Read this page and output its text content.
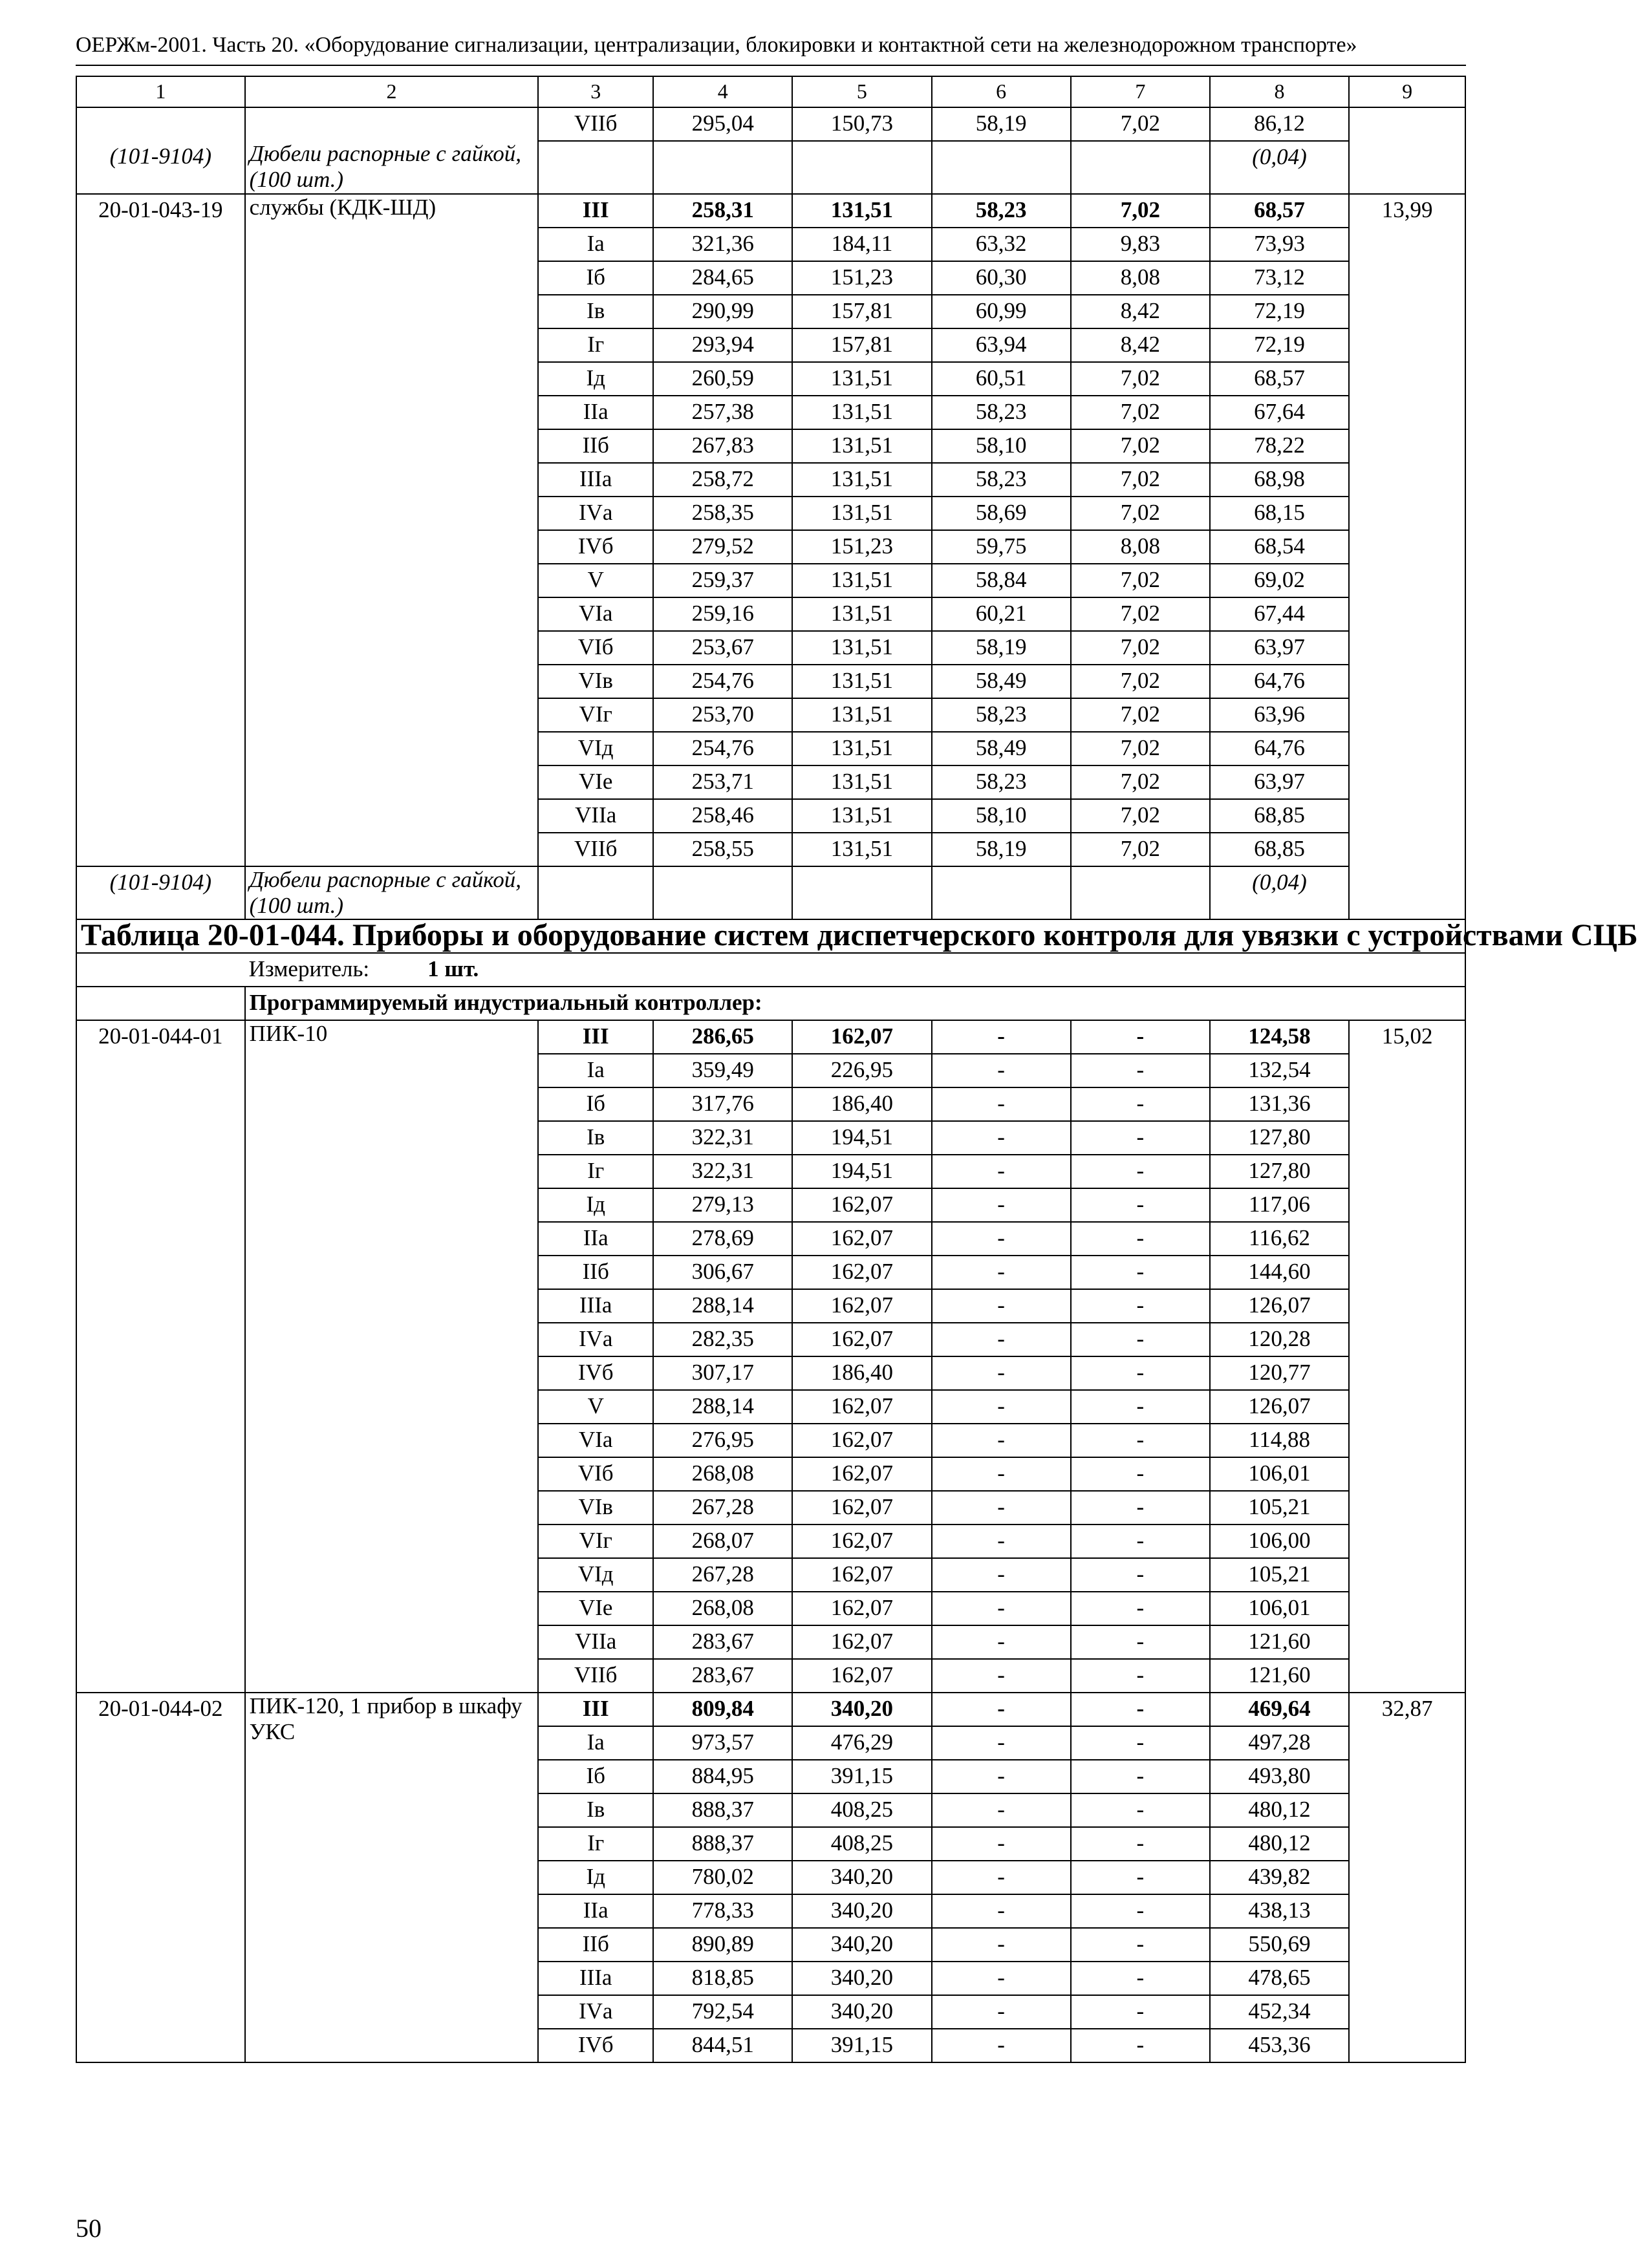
ОЕРЖм-2001. Часть 20. «Оборудование сигнализации, централизации, блокировки и контактной сети на железнодорожном транспорте»
1	2	3	4	5	6	7	8	9
		VIIб	295,04	150,73	58,19	7,02	86,12	
(101-9104)	Дюбели распорные с гайкой, (100 шт.)						(0,04)	
20-01-043-19	службы (КДК-ШД)	III	258,31	131,51	58,23	7,02	68,57	13,99
		Iа	321,36	184,11	63,32	9,83	73,93	
		Iб	284,65	151,23	60,30	8,08	73,12	
		Iв	290,99	157,81	60,99	8,42	72,19	
		Iг	293,94	157,81	63,94	8,42	72,19	
		Iд	260,59	131,51	60,51	7,02	68,57	
		IIа	257,38	131,51	58,23	7,02	67,64	
		IIб	267,83	131,51	58,10	7,02	78,22	
		IIIа	258,72	131,51	58,23	7,02	68,98	
		IVа	258,35	131,51	58,69	7,02	68,15	
		IVб	279,52	151,23	59,75	8,08	68,54	
		V	259,37	131,51	58,84	7,02	69,02	
		VIа	259,16	131,51	60,21	7,02	67,44	
		VIб	253,67	131,51	58,19	7,02	63,97	
		VIв	254,76	131,51	58,49	7,02	64,76	
		VIг	253,70	131,51	58,23	7,02	63,96	
		VIд	254,76	131,51	58,49	7,02	64,76	
		VIе	253,71	131,51	58,23	7,02	63,97	
		VIIа	258,46	131,51	58,10	7,02	68,85	
		VIIб	258,55	131,51	58,19	7,02	68,85	
(101-9104)	Дюбели распорные с гайкой, (100 шт.)						(0,04)	
Таблица 20-01-044. Приборы и оборудование систем диспетчерского контроля для увязки с устройствами СЦБ								
	Измеритель: 1 шт.							
	Программируемый индустриальный контроллер:							
20-01-044-01	ПИК-10	III	286,65	162,07	-	-	124,58	15,02
		Iа	359,49	226,95	-	-	132,54	
		Iб	317,76	186,40	-	-	131,36	
		Iв	322,31	194,51	-	-	127,80	
		Iг	322,31	194,51	-	-	127,80	
		Iд	279,13	162,07	-	-	117,06	
		IIа	278,69	162,07	-	-	116,62	
		IIб	306,67	162,07	-	-	144,60	
		IIIа	288,14	162,07	-	-	126,07	
		IVа	282,35	162,07	-	-	120,28	
		IVб	307,17	186,40	-	-	120,77	
		V	288,14	162,07	-	-	126,07	
		VIа	276,95	162,07	-	-	114,88	
		VIб	268,08	162,07	-	-	106,01	
		VIв	267,28	162,07	-	-	105,21	
		VIг	268,07	162,07	-	-	106,00	
		VIд	267,28	162,07	-	-	105,21	
		VIе	268,08	162,07	-	-	106,01	
		VIIа	283,67	162,07	-	-	121,60	
		VIIб	283,67	162,07	-	-	121,60	
20-01-044-02	ПИК-120, 1 прибор в шкафу УКС	III	809,84	340,20	-	-	469,64	32,87
		Iа	973,57	476,29	-	-	497,28	
		Iб	884,95	391,15	-	-	493,80	
		Iв	888,37	408,25	-	-	480,12	
		Iг	888,37	408,25	-	-	480,12	
		Iд	780,02	340,20	-	-	439,82	
		IIа	778,33	340,20	-	-	438,13	
		IIб	890,89	340,20	-	-	550,69	
		IIIа	818,85	340,20	-	-	478,65	
		IVа	792,54	340,20	-	-	452,34	
		IVб	844,51	391,15	-	-	453,36	
50
